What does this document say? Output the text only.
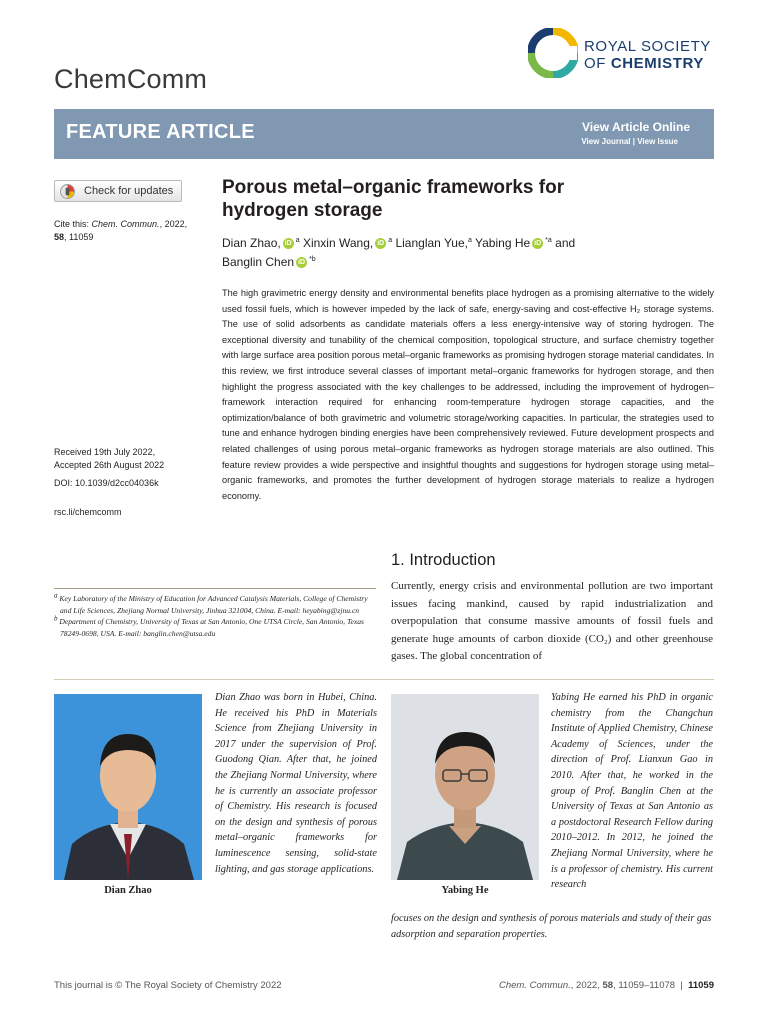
ChemComm
ROYAL SOCIETY
OF CHEMISTRY
FEATURE ARTICLE	View Article Online
View Journal | View Issue
Check for updates
Cite this: Chem. Commun., 2022,
58, 11059
Received 19th July 2022,
Accepted 26th August 2022
DOI: 10.1039/d2cc04036k
rsc.li/chemcomm
Porous metal–organic frameworks for hydrogen storage
Dian Zhao, iD $^a$ Xinxin Wang, iD $^a$ Lianglan Yue,$^a$ Yabing He iD $^{*a}$ and
Banglin Chen iD $^{*b}$
The high gravimetric energy density and environmental benefits place hydrogen as a promising alternative to the widely used fossil fuels, which is however impeded by the lack of safe, energy-saving and cost-effective H₂ storage systems. The use of solid adsorbents as candidate materials offers a less energy-intensive way of storing hydrogen. The exceptional diversity and tunability of the chemical composition, topological structure, and surface chemistry together with large surface area position porous metal–organic frameworks as promising hydrogen storage material candidates. In this review, we first introduce several classes of important metal–organic frameworks for hydrogen storage, and then highlight the progress associated with the key challenges to be addressed, including the improvement of hydrogen–framework interaction required for enhancing room-temperature hydrogen storage capacities, and the optimization/balance of both gravimetric and volumetric storage/working capacities. In particular, the strategies used to tune and enhance hydrogen binding energies have been comprehensively reviewed. Future development prospects and related challenges of using porous metal–organic frameworks as hydrogen storage materials are also outlined. This feature review provides a wide perspective and insightful thoughts and suggestions for hydrogen storage using metal–organic frameworks, and promotes the further development of hydrogen storage materials to realize a hydrogen economy.
$^a$ Key Laboratory of the Ministry of Education for Advanced Catalysis Materials, College of Chemistry and Life Sciences, Zhejiang Normal University, Jinhua 321004, China. E-mail: heyabing@zjnu.cn
$^b$ Department of Chemistry, University of Texas at San Antonio, One UTSA Circle, San Antonio, Texas 78249-0698, USA. E-mail: banglin.chen@utsa.edu
1. Introduction
Currently, energy crisis and environmental pollution are two important issues facing mankind, caused by rapid industrialization and overpopulation that consume massive amounts of fossil fuels and generate huge amounts of carbon dioxide (CO₂) and other greenhouse gases. The global concentration of
Dian Zhao
Dian Zhao was born in Hubei, China. He received his PhD in Materials Science from Zhejiang University in 2017 under the supervision of Prof. Guodong Qian. After that, he joined the Zhejiang Normal University, where he is currently an associate professor of Chemistry. His research is focused on the design and synthesis of porous metal–organic frameworks for luminescence sensing, solid-state lighting, and gas storage applications.
Yabing He
Yabing He earned his PhD in organic chemistry from the Changchun Institute of Applied Chemistry, Chinese Academy of Sciences, under the direction of Prof. Lianxun Gao in 2010. After that, he worked in the group of Prof. Banglin Chen at the University of Texas at San Antonio as a postdoctoral Research Fellow during 2010–2012. In 2012, he joined the Zhejiang Normal University, where he is a professor of chemistry. His current research
focuses on the design and synthesis of porous materials and study of their gas adsorption and separation properties.
This journal is © The Royal Society of Chemistry 2022	Chem. Commun., 2022, 58, 11059–11078 | 11059
